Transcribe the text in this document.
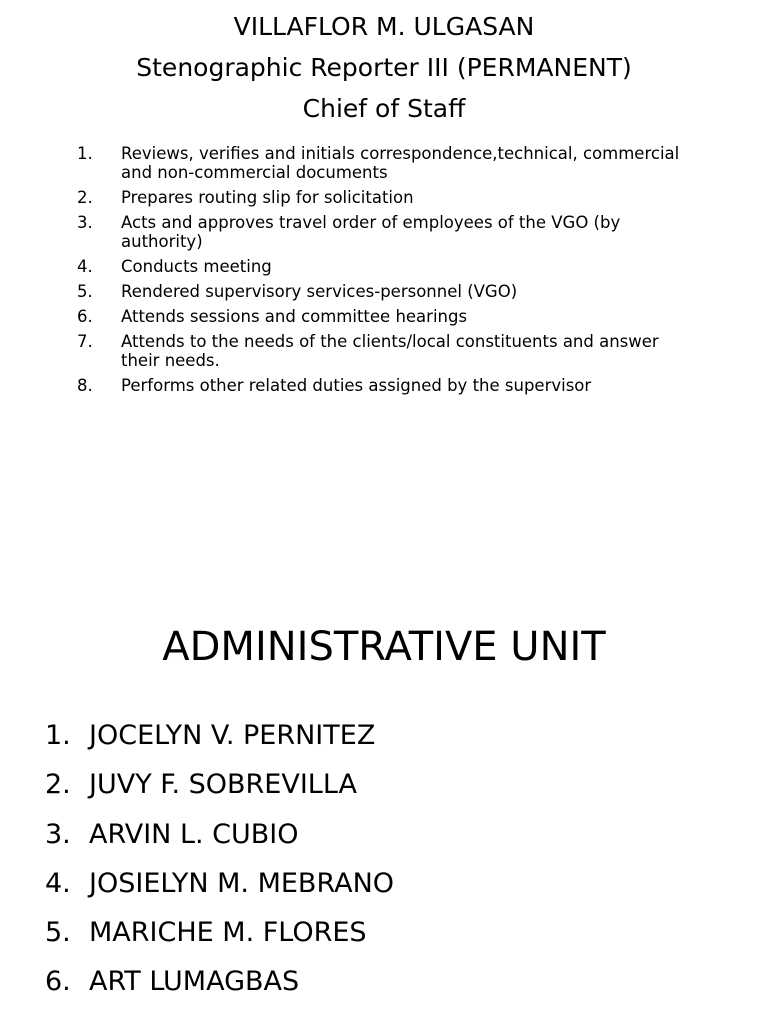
VILLAFLOR M. ULGASAN
Stenographic Reporter III (PERMANENT)
Chief of Staff
1. Reviews, verifies and initials correspondence,technical, commercial and non-commercial documents
2. Prepares routing slip for solicitation
3. Acts and approves travel order of employees of the VGO (by authority)
4. Conducts meeting
5. Rendered supervisory services-personnel (VGO)
6. Attends sessions and committee hearings
7. Attends to the needs of the clients/local constituents and answer their needs.
8. Performs other related duties assigned by the supervisor
ADMINISTRATIVE UNIT
1. JOCELYN V. PERNITEZ
2. JUVY F. SOBREVILLA
3. ARVIN L. CUBIO
4. JOSIELYN M. MEBRANO
5. MARICHE M. FLORES
6. ART LUMAGBAS
